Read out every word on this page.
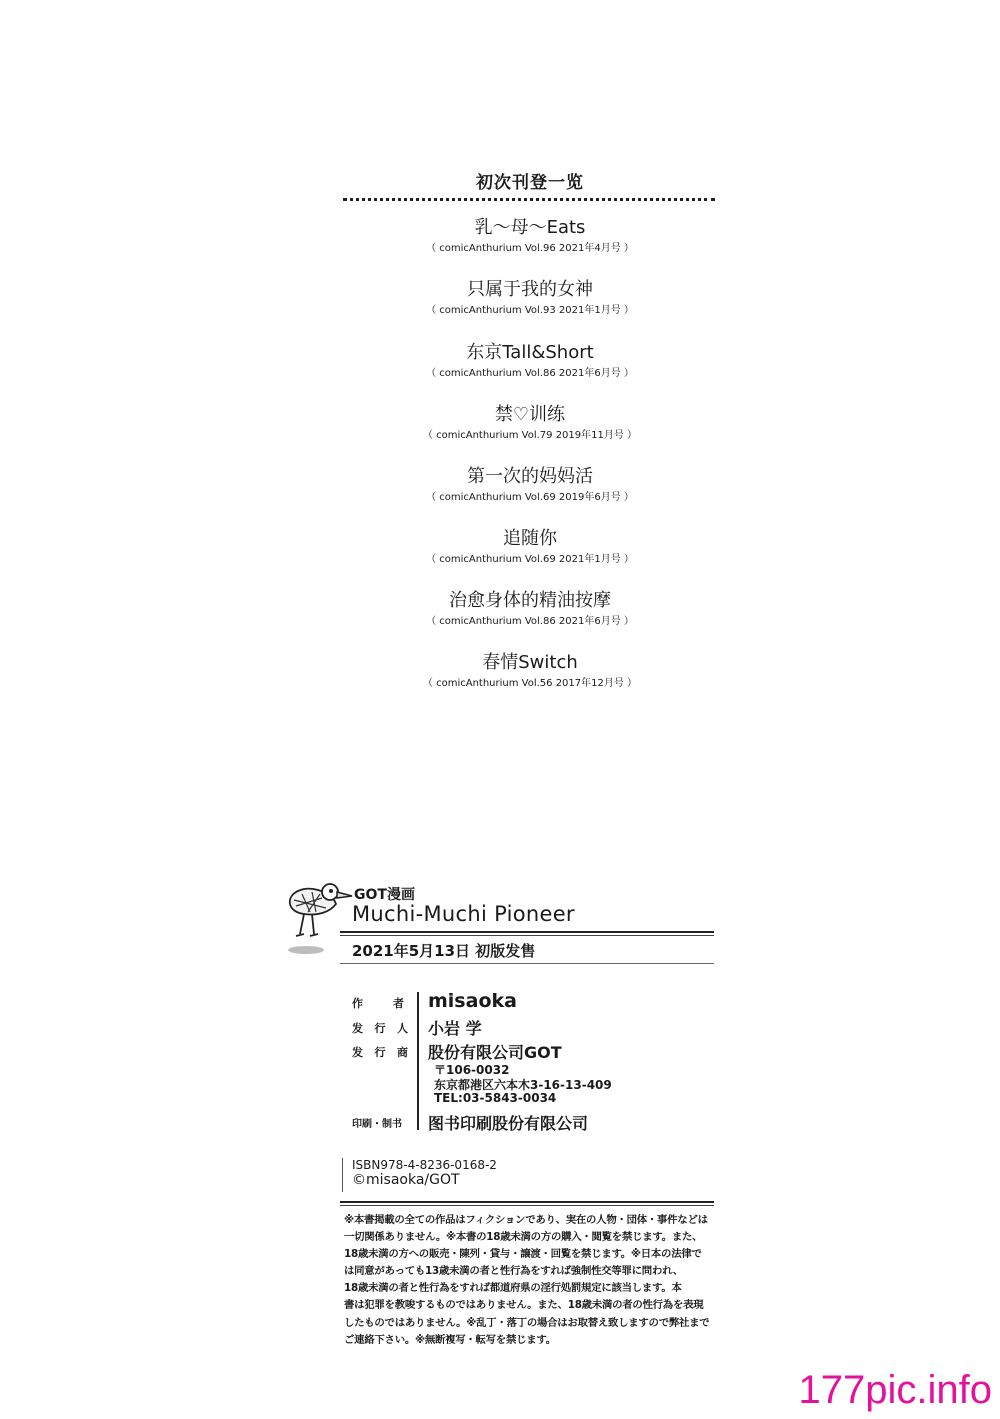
初次刊登一览
乳～母～Eats
（ comicAnthurium Vol.96 2021年4月号 ）
只属于我的女神
（ comicAnthurium Vol.93 2021年1月号 ）
东京Tall&Short
（ comicAnthurium Vol.86 2021年6月号 ）
禁♡训练
（ comicAnthurium Vol.79 2019年11月号 ）
第一次的妈妈活
（ comicAnthurium Vol.69 2019年6月号 ）
追随你
（ comicAnthurium Vol.69 2021年1月号 ）
治愈身体的精油按摩
（ comicAnthurium Vol.86 2021年6月号 ）
春情Switch
（ comicAnthurium Vol.56 2017年12月号 ）
GOT漫画
Muchi-Muchi Pioneer
2021年5月13日 初版发售
作	者 misaoka
发 行 人 小岩 学
发 行 商 股份有限公司GOT
〒106-0032
东京都港区六本木3-16-13-409
TEL:03-5843-0034
印刷・制书	图书印刷股份有限公司
ISBN978-4-8236-0168-2
©misaoka/GOT
※本書掲載の全ての作品はフィクションであり、実在の人物・団体・事件などは
一切関係ありません。※本書の18歳未満の方の購入・閲覧を禁じます。また、
18歳未満の方への販売・陳列・貸与・譲渡・回覧を禁じます。※日本の法律で
は同意があっても13歳未満の者と性行為をすれば強制性交等罪に問われ、
18歳未満の者と性行為をすれば都道府県の淫行処罰規定に該当します。本
書は犯罪を教唆するものではありません。また、18歳未満の者の性行為を表現
したものではありません。※乱丁・落丁の場合はお取替え致しますので弊社まで
ご連絡下さい。※無断複写・転写を禁じます。
177pic.info
